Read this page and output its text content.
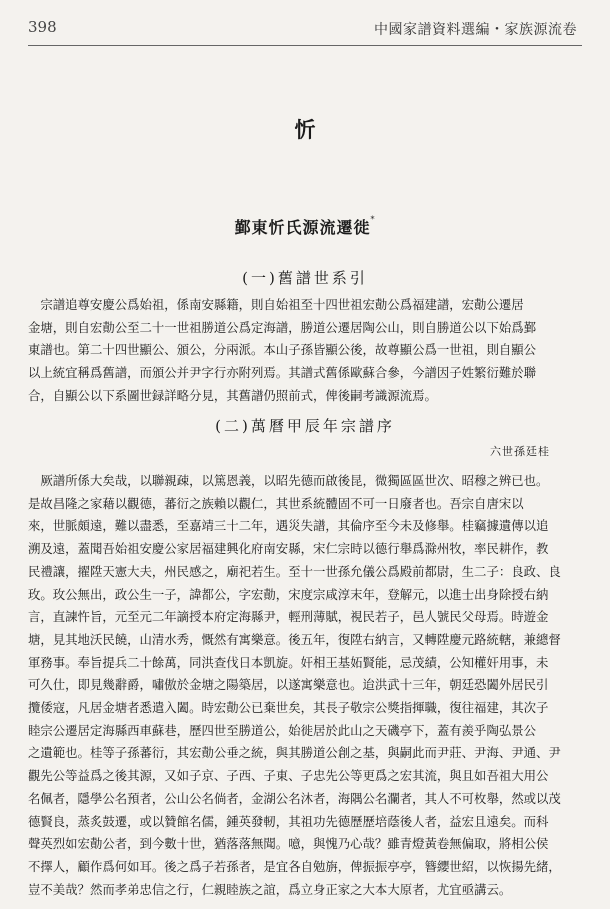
398	中國家譜資料選編・家族源流卷
忻
鄞東忻氏源流遷徙*
(一)舊譜世系引
　宗譜追尊安慶公爲始祖，係南安縣籍，則自始祖至十四世祖宏勣公爲福建譜，宏勣公遷居
金塘，則自宏勣公至二十一世祖勝道公爲定海譜，勝道公遷居陶公山，則自勝道公以下始爲鄞
東譜也。第二十四世顯公、頒公，分兩派。本山子孫皆顯公後，故尊顯公爲一世祖，則自顯公
以上統宜稱爲舊譜，而頒公并尹字行亦附列焉。其譜式舊係歐蘇合參，今譜因子姓繁衍難於聯
合，自顯公以下系圖世録詳略分見，其舊譜仍照前式，俾後嗣考識源流焉。
(二)萬曆甲辰年宗譜序
六世孫廷桂
　厥譜所係大矣哉，以聯親疎，以篤恩義，以昭先德而啟後昆，微獨區區世次、昭穆之辨已也。
是故昌隆之家藉以觀德，蕃衍之族賴以觀仁，其世系統體固不可一日廢者也。吾宗自唐宋以
來，世脈頗遠，難以盡悉，至嘉靖三十二年，遇災失譜，其倫序至今未及修舉。桂竊據遺傳以追
溯及遠，蓋聞吾始祖安慶公家居福建興化府南安縣，宋仁宗時以德行舉爲滁州牧，率民耕作，教
民禮讓，擢陞天憲大夫，州民感之，廟祀若生。至十一世孫允儀公爲殿前都尉，生二子：良政、良
玫。玫公無出，政公生一子，諱都公，字宏勣，宋度宗咸淳末年，登解元，以進士出身除授右納
言，直諫忤旨，元至元二年謫授本府定海縣尹，輕刑薄賦，視民若子，邑人號民父母焉。時遊金
塘，見其地沃民饒，山清水秀，慨然有寓樂意。後五年，復陞右納言，又轉陞慶元路統轄，兼總督
軍務事。奉旨提兵二十餘萬，同洪查伐日本凱旋。奸相王基妬賢能，忌茂績，公知權奸用事，未
可久仕，即見幾辭爵，嘯傲於金塘之陽築居，以遂寓樂意也。迨洪武十三年，朝廷恐闔外居民引
攬倭寇，凡居金塘者悉遣入闔。時宏勣公已棄世矣，其長子敬宗公獎指揮職，復往福建，其次子
睦宗公遷居定海縣西車蘇巷，歷四世至勝道公，始徙居於此山之天磯亭下，蓋有羨乎陶弘景公
之遺範也。桂等子孫蕃衍，其宏勣公垂之統，與其勝道公創之基，與嗣此而尹莊、尹海、尹通、尹
觀先公等益爲之後其源，又如子京、子西、子東、子忠先公等更爲之宏其流，與且如吾祖大用公
名佩者，隱學公名預者，公山公名倘者，金湖公名沐者，海隅公名瀾者，其人不可枚舉，然或以茂
德賢良，蒸炙鼓遷，或以贊館名儒，鍾英發軔，其祖功先德歷歷培蔭後人者，益宏且遠矣。而科
聲英烈如宏勣公者，到今數十世，猶落落無聞。噫，與愧乃心哉？雖青燈黃卷無偏取，將相公侯
不擇人，顧作爲何如耳。後之爲子若孫者，是宜各自勉旃，俾振振亭亭，簪纓世紹，以恢揚先緒，
豈不美哉？然而孝弟忠信之行，仁親睦族之誼，爲立身正家之大本大原者，尤宜亟講云。
